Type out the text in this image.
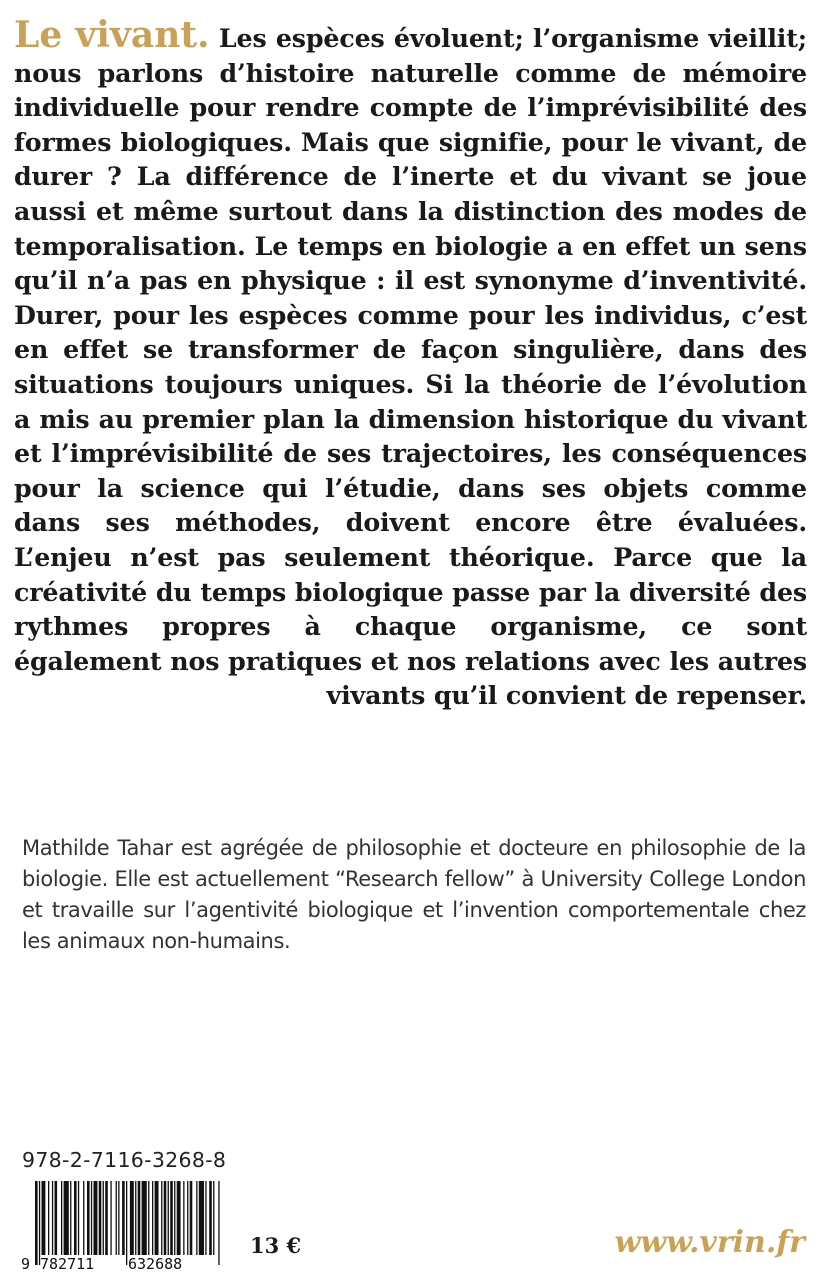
Le vivant. Les espèces évoluent; l’organisme vieillit; nous parlons d’histoire naturelle comme de mémoire individuelle pour rendre compte de l’imprévisibilité des formes biologiques. Mais que signifie, pour le vivant, de durer ? La différence de l’inerte et du vivant se joue aussi et même surtout dans la distinction des modes de temporalisation. Le temps en biologie a en effet un sens qu’il n’a pas en physique : il est synonyme d’inventivité. Durer, pour les espèces comme pour les individus, c’est en effet se transformer de façon singulière, dans des situations toujours uniques. Si la théorie de l’évolution a mis au premier plan la dimension historique du vivant et l’imprévisibilité de ses trajectoires, les conséquences pour la science qui l’étudie, dans ses objets comme dans ses méthodes, doivent encore être évaluées. L’enjeu n’est pas seulement théorique. Parce que la créativité du temps biologique passe par la diversité des rythmes propres à chaque organisme, ce sont également nos pratiques et nos relations avec les autres vivants qu’il convient de repenser.

Mathilde Tahar est agrégée de philosophie et docteure en philosophie de la biologie. Elle est actuellement “Research fellow” à University College London et travaille sur l’agentivité biologique et l’invention comportementale chez les animaux non-humains.

978-2-7116-3268-8
9 782711 632688
13 €	www.vrin.fr
